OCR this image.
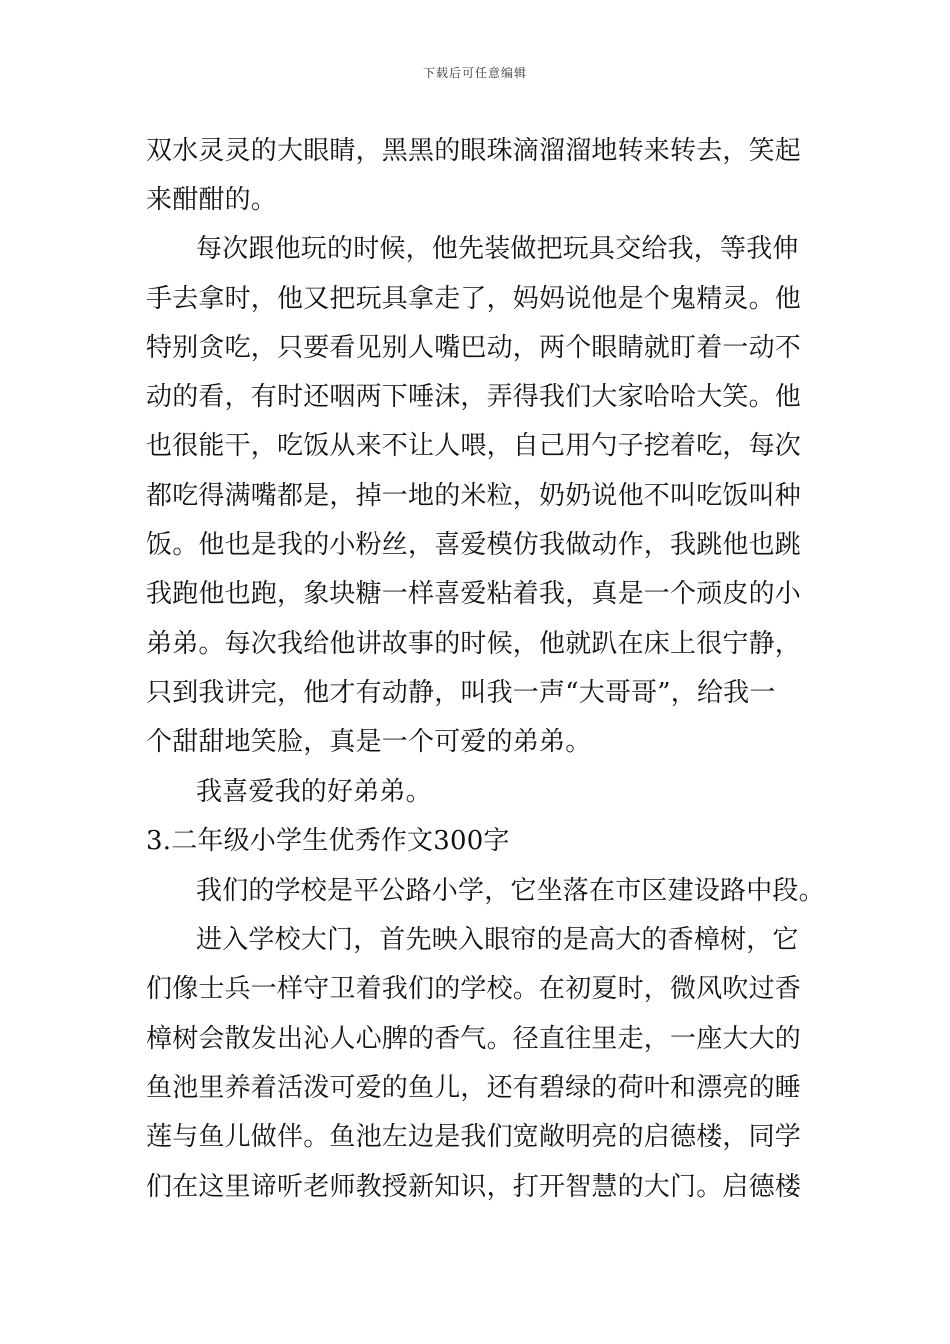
下载后可任意编辑
双水灵灵的大眼睛，黑黑的眼珠滴溜溜地转来转去，笑起
来酣酣的。
每次跟他玩的时候，他先装做把玩具交给我，等我伸
手去拿时，他又把玩具拿走了，妈妈说他是个鬼精灵。他
特别贪吃，只要看见别人嘴巴动，两个眼睛就盯着一动不
动的看，有时还咽两下唾沫，弄得我们大家哈哈大笑。他
也很能干，吃饭从来不让人喂，自己用勺子挖着吃，每次
都吃得满嘴都是，掉一地的米粒，奶奶说他不叫吃饭叫种
饭。他也是我的小粉丝，喜爱模仿我做动作，我跳他也跳
我跑他也跑，象块糖一样喜爱粘着我，真是一个顽皮的小
弟弟。每次我给他讲故事的时候，他就趴在床上很宁静，
只到我讲完，他才有动静，叫我一声“大哥哥”，给我一
个甜甜地笑脸，真是一个可爱的弟弟。
我喜爱我的好弟弟。
3.二年级小学生优秀作文300字
我们的学校是平公路小学，它坐落在市区建设路中段。
进入学校大门，首先映入眼帘的是高大的香樟树，它
们像士兵一样守卫着我们的学校。在初夏时，微风吹过香
樟树会散发出沁人心脾的香气。径直往里走，一座大大的
鱼池里养着活泼可爱的鱼儿，还有碧绿的荷叶和漂亮的睡
莲与鱼儿做伴。鱼池左边是我们宽敞明亮的启德楼，同学
们在这里谛听老师教授新知识，打开智慧的大门。启德楼
